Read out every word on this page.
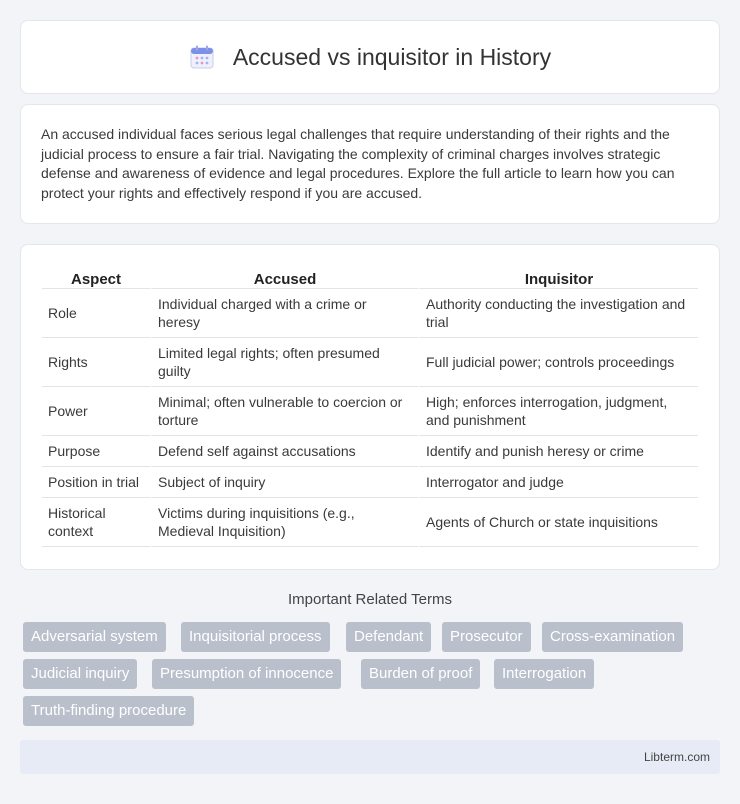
Accused vs inquisitor in History

An accused individual faces serious legal challenges that require understanding of their rights and the judicial process to ensure a fair trial. Navigating the complexity of criminal charges involves strategic defense and awareness of evidence and legal procedures. Explore the full article to learn how you can protect your rights and effectively respond if you are accused.

Aspect	Accused	Inquisitor
Role	Individual charged with a crime or heresy	Authority conducting the investigation and trial
Rights	Limited legal rights; often presumed guilty	Full judicial power; controls proceedings
Power	Minimal; often vulnerable to coercion or torture	High; enforces interrogation, judgment, and punishment
Purpose	Defend self against accusations	Identify and punish heresy or crime
Position in trial	Subject of inquiry	Interrogator and judge
Historical context	Victims during inquisitions (e.g., Medieval Inquisition)	Agents of Church or state inquisitions
Important Related Terms
Adversarial system	Inquisitorial process	Defendant	Prosecutor	Cross-examination
Judicial inquiry	Presumption of innocence	Burden of proof	Interrogation
Truth-finding procedure
Libterm.com
